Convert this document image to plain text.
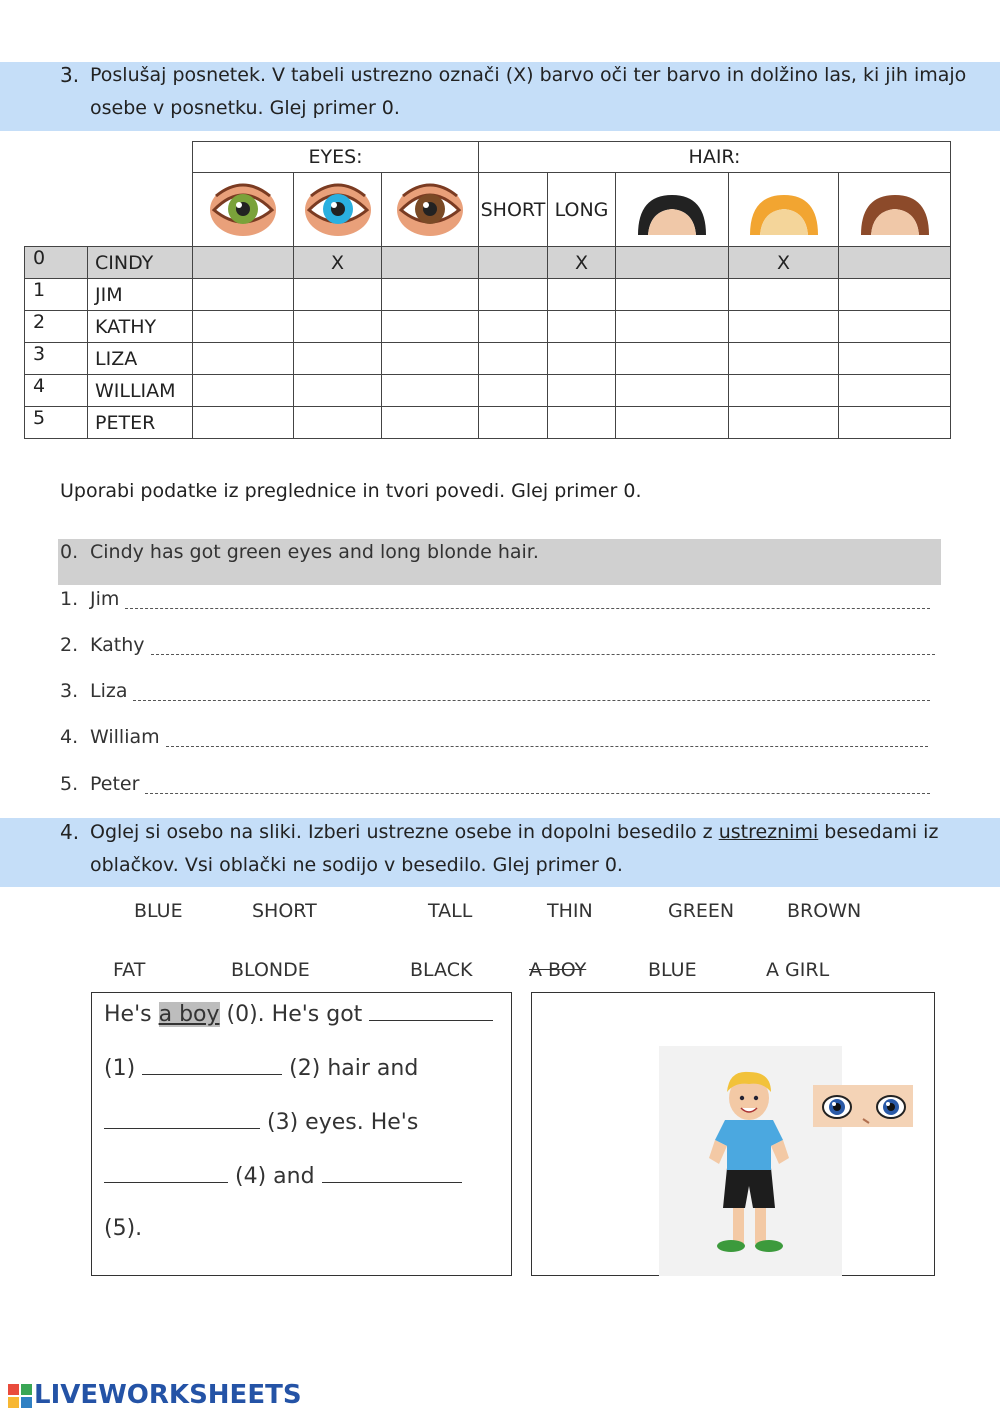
3. Poslušaj posnetek. V tabeli ustrezno označi (X) barvo oči ter barvo in dolžino las, ki jih imajo
osebe v posnetku. Glej primer 0.
		EYES:			HAIR:				
				SHORT	LONG			
0	CINDY		X			X		X	
1	JIM								
2	KATHY								
3	LIZA								
4	WILLIAM								
5	PETER								
Uporabi podatke iz preglednice in tvori povedi. Glej primer 0.
0. Cindy has got green eyes and long blonde hair.
1. Jim
2. Kathy
3. Liza
4. William
5. Peter
4. Oglej si osebo na sliki. Izberi ustrezne osebe in dopolni besedilo z ustreznimi besedami iz
oblačkov. Vsi oblački ne sodijo v besedilo. Glej primer 0.
BLUE	SHORT	TALL	THIN	GREEN	BROWN
FAT	BLONDE	BLACK	A BOY	BLUE	A GIRL
He's a boy (0). He's got
(1)	(2) hair and
(3) eyes. He's
(4) and
(5).
LIVEWORKSHEETS
